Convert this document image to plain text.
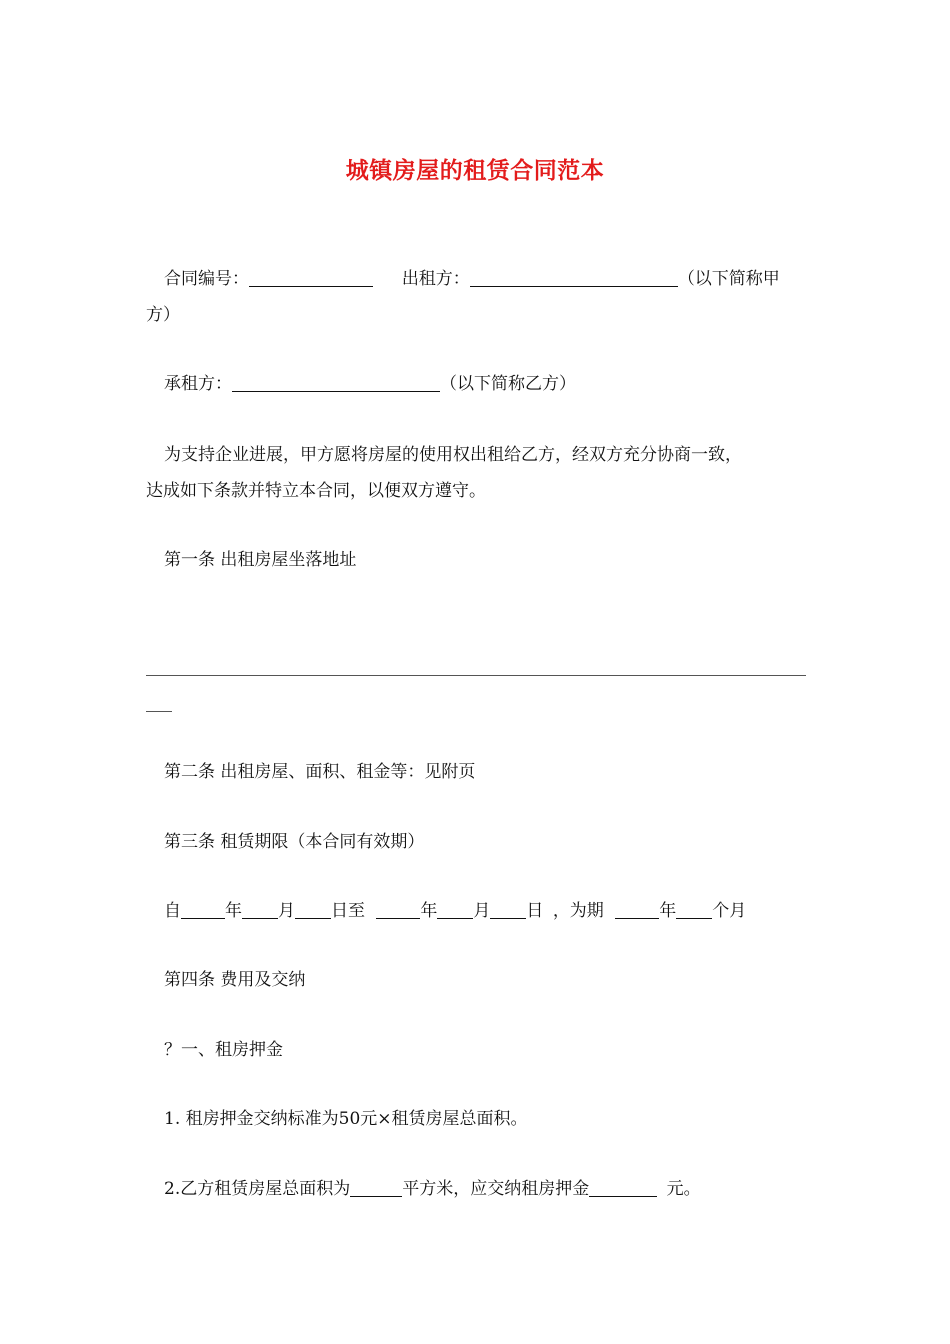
城镇房屋的租赁合同范本
合同编号：	出租方：	（以下简称甲
方）
承租方：	（以下简称乙方）
为支持企业进展，甲方愿将房屋的使用权出租给乙方，经双方充分协商一致，
达成如下条款并特立本合同，以便双方遵守。
第一条 出租房屋坐落地址
第二条 出租房屋、面积、租金等：见附页
第三条 租赁期限（本合同有效期）
自	年 月 日至	年 月 日 ，为期	年 个月
第四条 费用及交纳
？一、租房押金
1. 租房押金交纳标准为50元×租赁房屋总面积。
2.乙方租赁房屋总面积为	平方米，应交纳租房押金	元。
